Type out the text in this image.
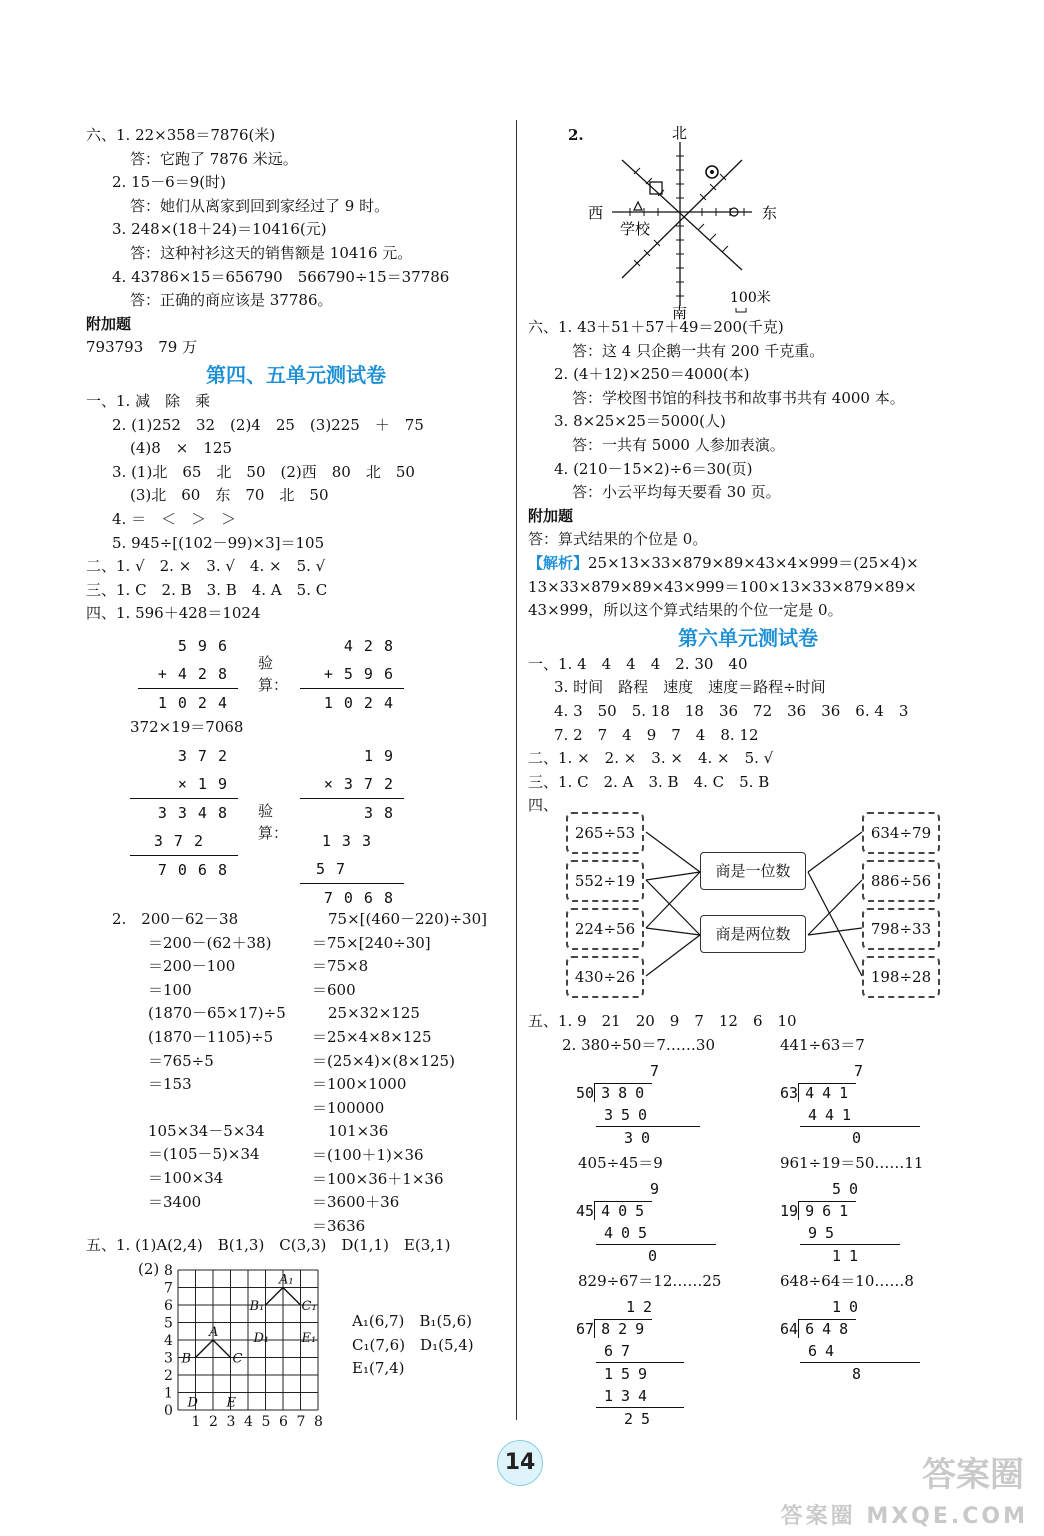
六、1. 22×358＝7876(米)
答：它跑了 7876 米远。
2. 15－6＝9(时)
答：她们从离家到回到家经过了 9 时。
3. 248×(18＋24)＝10416(元)
答：这种衬衫这天的销售额是 10416 元。
4. 43786×15＝656790　566790÷15＝37786
答：正确的商应该是 37786。
附加题
793793　79 万
第四、五单元测试卷
一、1. 减　除　乘
2. (1)252　32　(2)4　25　(3)225　＋　75
(4)8　×　125
3. (1)北　65　北　50　(2)西　80　北　50
(3)北　60　东　70　北　50
4. ＝　＜　＞　＞
5. 945÷[(102－99)×3]＝105
二、1. √　2. ×　3. √　4. ×　5. √
三、1. C　2. B　3. B　4. A　5. C
四、1. 596＋428＝1024
596
+428
1024
验算：
428
+596
1024
372×19＝7068
372
×19
3348
372
7068
验算：
19
×372
38
133
57
7068
2.　200－62－38
＝200－(62＋38)
＝200－100
＝100
(1870－65×17)÷5
(1870－1105)÷5
＝765÷5
＝153
105×34－5×34
＝(105－5)×34
＝100×34
＝3400
75×[(460－220)÷30]
＝75×[240÷30]
＝75×8
＝600
25×32×125
＝25×4×8×125
＝(25×4)×(8×125)
＝100×1000
＝100000
101×36
＝(100＋1)×36
＝100×36＋1×36
＝3600＋36
＝3636
五、1. (1)A(2,4)　B(1,3)　C(3,3)　D(1,1)　E(3,1)
(2) 8
7
6
5
4
3
2
1
0
1 2 3 4 5 6 7 8
A
B	C
D E
A₁
B₁	C₁
D₁ E₁
A₁(6,7)　B₁(5,6)
C₁(7,6)　D₁(5,4)
E₁(7,4)
2.	北
南
西	东
学校
100米
六、1. 43＋51＋57＋49＝200(千克)
答：这 4 只企鹅一共有 200 千克重。
2. (4＋12)×250＝4000(本)
答：学校图书馆的科技书和故事书共有 4000 本。
3. 8×25×25＝5000(人)
答：一共有 5000 人参加表演。
4. (210－15×2)÷6＝30(页)
答：小云平均每天要看 30 页。
附加题
答：算式结果的个位是 0。
【解析】25×13×33×879×89×43×4×999＝(25×4)×
13×33×879×89×43×999＝100×13×33×879×89×
43×999，所以这个算式结果的个位一定是 0。
第六单元测试卷
一、1. 4　4　4　4　2. 30　40
3. 时间　路程　速度　速度＝路程÷时间
4. 3　50　5. 18　18　36　72　36　36　6. 4　3
7. 2　7　4　9　7　4　8. 12
二、1. ×　2. ×　3. ×　4. ×　5. √
三、1. C　2. A　3. B　4. C　5. B
四、
265÷53
552÷19
224÷56
430÷26
商是一位数
商是两位数
634÷79
886÷56
798÷33
198÷28
五、1. 9　21　20　9　7　12　6　10
2. 380÷50＝7……30	441÷63＝7
405÷45＝9	961÷19＝50……11
829÷67＝12……25	648÷64＝10……8
7
50 380
350
30
7
63 441
441
0
9
45 405
405
0
50
19 961
95
11
12
67 829
67
159
134
25
10
64 648
64
8
14	答案圈
答案圈 MXQE.COM
